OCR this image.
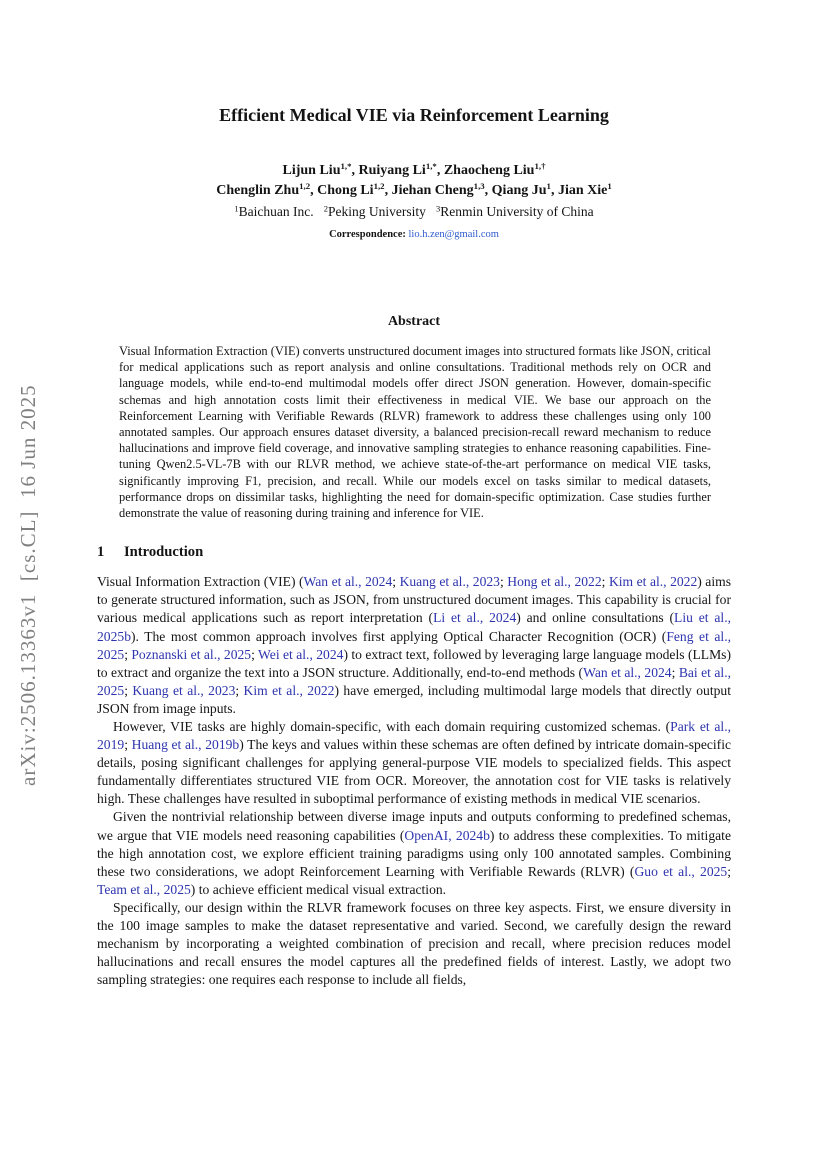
arXiv:2506.13363v1  [cs.CL]  16 Jun 2025
Efficient Medical VIE via Reinforcement Learning
Lijun Liu$^{1,*}$, Ruiyang $Li^{1,*}$, Zhaocheng Liu$^{1,\dagger}$
Chenglin Zhu$^{1,2}$, Chong Li$^{1,2}$, Jiehan Cheng$^{1,3}$, Qiang Ju$^1$, Jian Xie$^1$
$^1$Baichuan Inc.   $^2$Peking University   $^3$Renmin University of China
Correspondence: lio.h.zen@gmail.com
Abstract

Visual Information Extraction (VIE) converts unstructured document images into structured formats like JSON, critical for medical applications such as report analysis and online consultations. Traditional methods rely on OCR and language models, while end-to-end multimodal models offer direct JSON generation. However, domain-specific schemas and high annotation costs limit their effectiveness in medical VIE. We base our approach on the Reinforcement Learning with Verifiable Rewards (RLVR) framework to address these challenges using only 100 annotated samples. Our approach ensures dataset diversity, a balanced precision-recall reward mechanism to reduce hallucinations and improve field coverage, and innovative sampling strategies to enhance reasoning capabilities. Fine-tuning Qwen2.5-VL-7B with our RLVR method, we achieve state-of-the-art performance on medical VIE tasks, significantly improving F1, precision, and recall. While our models excel on tasks similar to medical datasets, performance drops on dissimilar tasks, highlighting the need for domain-specific optimization. Case studies further demonstrate the value of reasoning during training and inference for VIE.

1 Introduction

Visual Information Extraction (VIE) (Wan et al., 2024; Kuang et al., 2023; Hong et al., 2022; Kim et al., 2022) aims to generate structured information, such as JSON, from unstructured document images. This capability is crucial for various medical applications such as report interpretation (Li et al., 2024) and online consultations (Liu et al., 2025b). The most common approach involves first applying Optical Character Recognition (OCR) (Feng et al., 2025; Poznanski et al., 2025; Wei et al., 2024) to extract text, followed by leveraging large language models (LLMs) to extract and organize the text into a JSON structure. Additionally, end-to-end methods (Wan et al., 2024; Bai et al., 2025; Kuang et al., 2023; Kim et al., 2022) have emerged, including multimodal large models that directly output JSON from image inputs.

However, VIE tasks are highly domain-specific, with each domain requiring customized schemas. (Park et al., 2019; Huang et al., 2019b) The keys and values within these schemas are often defined by intricate domain-specific details, posing significant challenges for applying general-purpose VIE models to specialized fields. This aspect fundamentally differentiates structured VIE from OCR. Moreover, the annotation cost for VIE tasks is relatively high. These challenges have resulted in suboptimal performance of existing methods in medical VIE scenarios.

Given the nontrivial relationship between diverse image inputs and outputs conforming to predefined schemas, we argue that VIE models need reasoning capabilities (OpenAI, 2024b) to address these complexities. To mitigate the high annotation cost, we explore efficient training paradigms using only 100 annotated samples. Combining these two considerations, we adopt Reinforcement Learning with Verifiable Rewards (RLVR) (Guo et al., 2025; Team et al., 2025) to achieve efficient medical visual extraction.

Specifically, our design within the RLVR framework focuses on three key aspects. First, we ensure diversity in the 100 image samples to make the dataset representative and varied. Second, we carefully design the reward mechanism by incorporating a weighted combination of precision and recall, where precision reduces model hallucinations and recall ensures the model captures all the predefined fields of interest. Lastly, we adopt two sampling strategies: one requires each response to include all fields,
